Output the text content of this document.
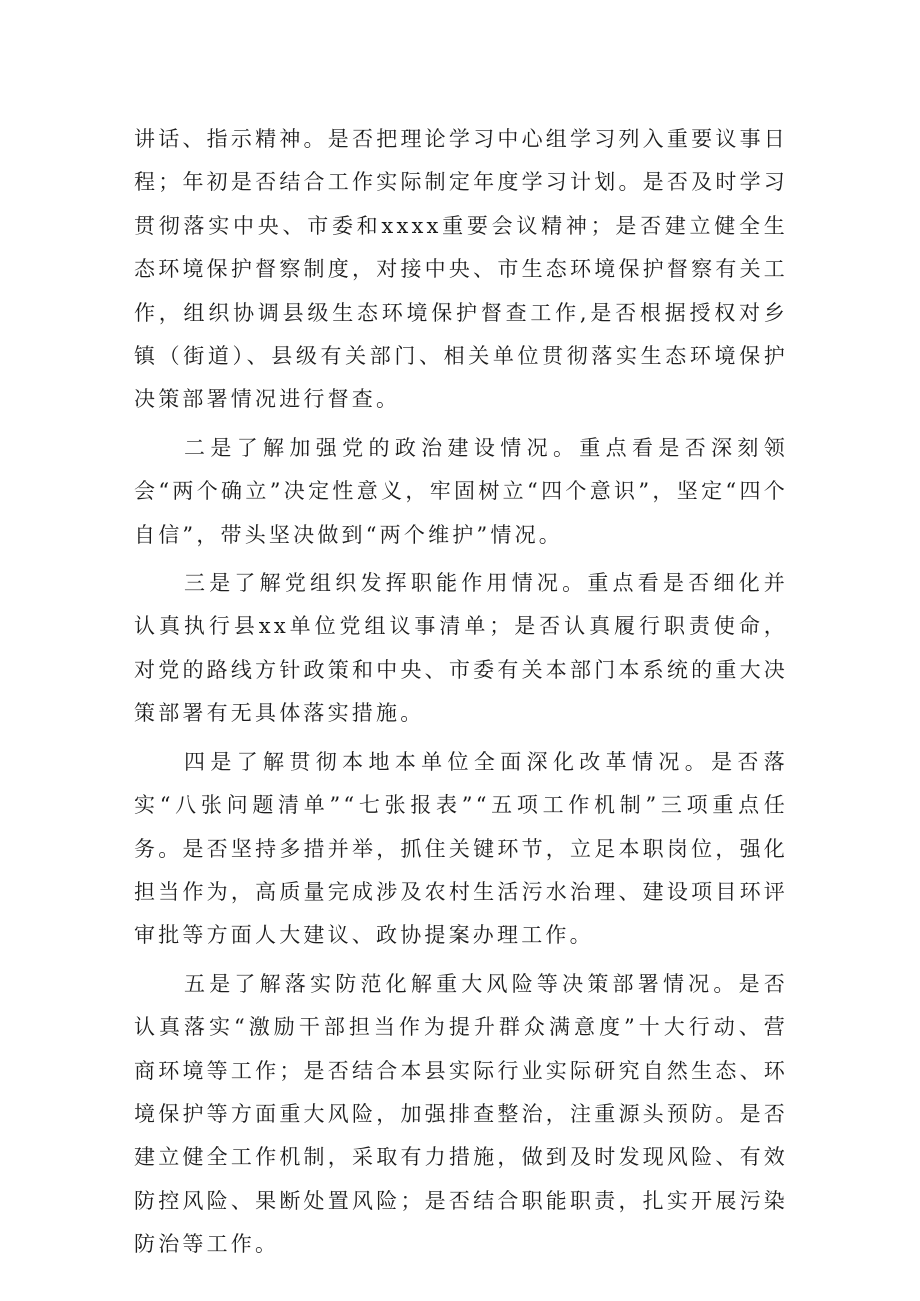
讲话、指示精神。是否把理论学习中心组学习列入重要议事日程；年初是否结合工作实际制定年度学习计划。是否及时学习贯彻落实中央、市委和xxxx重要会议精神；是否建立健全生态环境保护督察制度，对接中央、市生态环境保护督察有关工作，组织协调县级生态环境保护督查工作,是否根据授权对乡镇（街道）、县级有关部门、相关单位贯彻落实生态环境保护决策部署情况进行督查。

二是了解加强党的政治建设情况。重点看是否深刻领会“两个确立”决定性意义，牢固树立“四个意识”，坚定“四个自信”，带头坚决做到“两个维护”情况。

三是了解党组织发挥职能作用情况。重点看是否细化并认真执行县xx单位党组议事清单；是否认真履行职责使命，对党的路线方针政策和中央、市委有关本部门本系统的重大决策部署有无具体落实措施。

四是了解贯彻本地本单位全面深化改革情况。是否落实“八张问题清单”“七张报表”“五项工作机制”三项重点任务。是否坚持多措并举，抓住关键环节，立足本职岗位，强化担当作为，高质量完成涉及农村生活污水治理、建设项目环评审批等方面人大建议、政协提案办理工作。

五是了解落实防范化解重大风险等决策部署情况。是否认真落实“激励干部担当作为提升群众满意度”十大行动、营商环境等工作；是否结合本县实际行业实际研究自然生态、环境保护等方面重大风险，加强排查整治，注重源头预防。是否建立健全工作机制，采取有力措施，做到及时发现风险、有效防控风险、果断处置风险；是否结合职能职责，扎实开展污染防治等工作。
